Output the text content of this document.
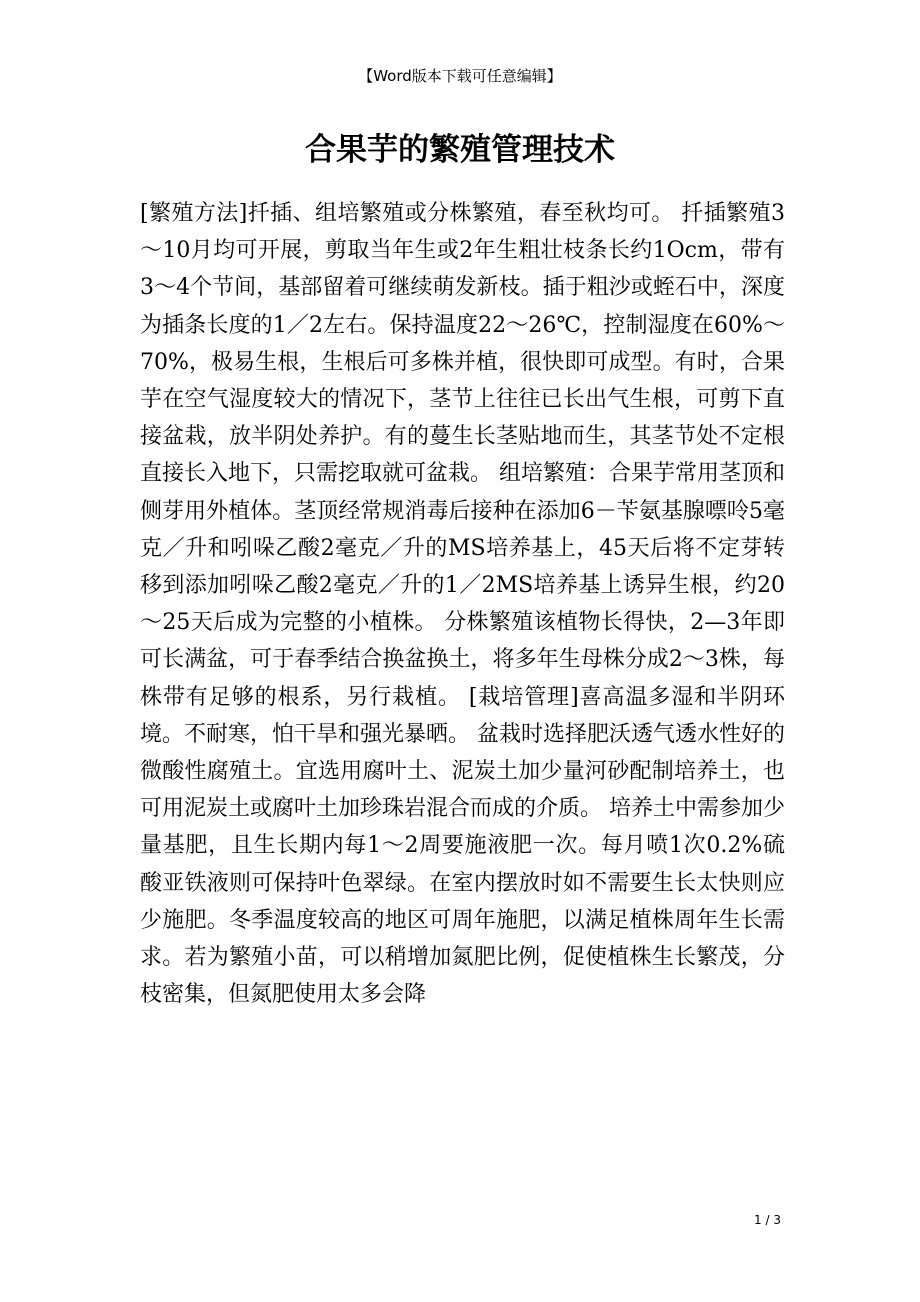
【Word版本下载可任意编辑】
合果芋的繁殖管理技术

[繁殖方法]扦插、组培繁殖或分株繁殖，春至秋均可。 扦插繁殖3～10月均可开展，剪取当年生或2年生粗壮枝条长约1Ocm，带有3～4个节间，基部留着可继续萌发新枝。插于粗沙或蛭石中，深度为插条长度的1／2左右。保持温度22～26℃，控制湿度在60%～70%，极易生根，生根后可多株并植，很快即可成型。有时，合果芋在空气湿度较大的情况下，茎节上往往已长出气生根，可剪下直接盆栽，放半阴处养护。有的蔓生长茎贴地而生，其茎节处不定根直接长入地下，只需挖取就可盆栽。 组培繁殖：合果芋常用茎顶和侧芽用外植体。茎顶经常规消毒后接种在添加6－苄氨基腺嘌呤5毫克／升和吲哚乙酸2毫克／升的MS培养基上，45天后将不定芽转移到添加吲哚乙酸2毫克／升的1／2MS培养基上诱异生根，约20～25天后成为完整的小植株。 分株繁殖该植物长得快，2—3年即可长满盆，可于春季结合换盆换土，将多年生母株分成2～3株，每株带有足够的根系，另行栽植。 [栽培管理]喜高温多湿和半阴环境。不耐寒，怕干旱和强光暴晒。 盆栽时选择肥沃透气透水性好的微酸性腐殖土。宜选用腐叶土、泥炭土加少量河砂配制培养土，也可用泥炭土或腐叶土加珍珠岩混合而成的介质。 培养土中需参加少量基肥，且生长期内每1～2周要施液肥一次。每月喷1次0.2%硫酸亚铁液则可保持叶色翠绿。在室内摆放时如不需要生长太快则应少施肥。冬季温度较高的地区可周年施肥，以满足植株周年生长需求。若为繁殖小苗，可以稍增加氮肥比例，促使植株生长繁茂，分枝密集，但氮肥使用太多会降

1 / 3
